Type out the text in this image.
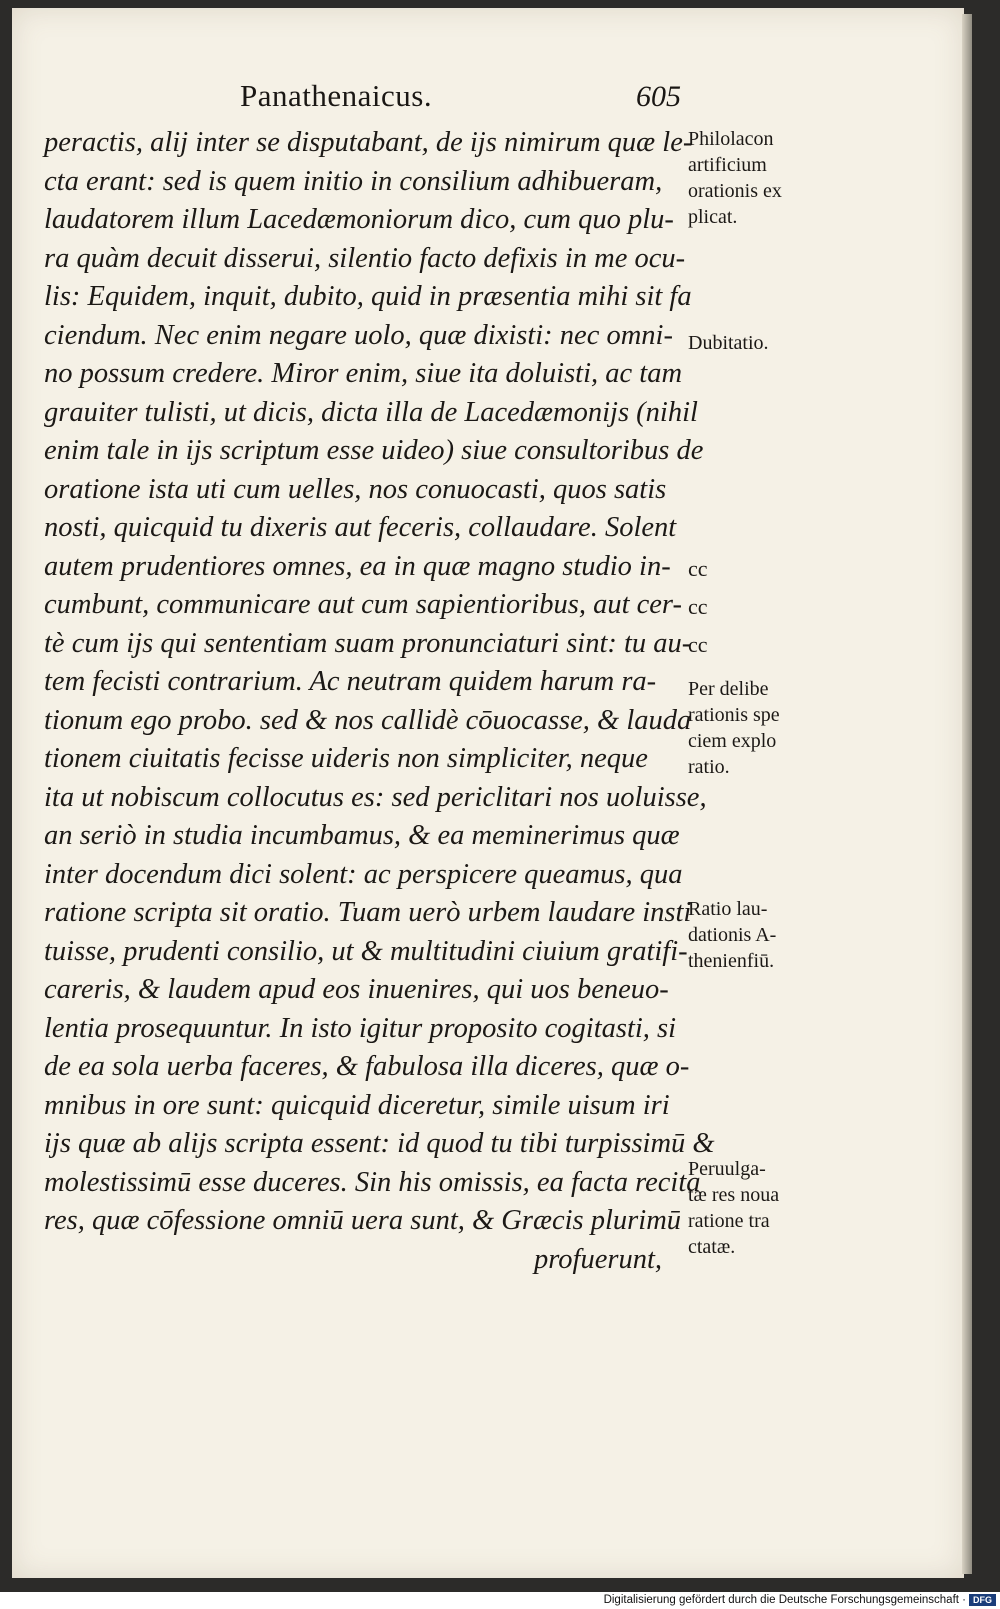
Panathenaicus.	605
peractis, alij inter se disputabant, de ijs nimirum quæ le-
cta erant: sed is quem initio in consilium adhibueram,
laudatorem illum Lacedæmoniorum dico, cum quo plu-
ra quàm decuit disserui, silentio facto defixis in me ocu-
lis: Equidem, inquit, dubito, quid in præsentia mihi sit fa
ciendum. Nec enim negare uolo, quæ dixisti: nec omni-
no possum credere. Miror enim, siue ita doluisti, ac tam
grauiter tulisti, ut dicis, dicta illa de Lacedæmonijs (nihil
enim tale in ijs scriptum esse uideo) siue consultoribus de
oratione ista uti cum uelles, nos conuocasti, quos satis
nosti, quicquid tu dixeris aut feceris, collaudare. Solent
autem prudentiores omnes, ea in quæ magno studio in-
cumbunt, communicare aut cum sapientioribus, aut cer-
tè cum ijs qui sententiam suam pronunciaturi sint: tu au-
tem fecisti contrarium. Ac neutram quidem harum ra-
tionum ego probo. sed & nos callidè cōuocasse, & lauda
tionem ciuitatis fecisse uideris non simpliciter, neque
ita ut nobiscum collocutus es: sed periclitari nos uoluisse,
an seriò in studia incumbamus, & ea meminerimus quæ
inter docendum dici solent: ac perspicere queamus, qua
ratione scripta sit oratio. Tuam uerò urbem laudare insti
tuisse, prudenti consilio, ut & multitudini ciuium gratifi-
careris, & laudem apud eos inuenires, qui uos beneuo-
lentia prosequuntur. In isto igitur proposito cogitasti, si
de ea sola uerba faceres, & fabulosa illa diceres, quæ o-
mnibus in ore sunt: quicquid diceretur, simile uisum iri
ijs quæ ab alijs scripta essent: id quod tu tibi turpissimū &
molestissimū esse duceres. Sin his omissis, ea facta recita
res, quæ cōfessione omniū uera sunt, & Græcis plurimū
profuerunt,
Philolacon
artificium
orationis ex
plicat.
Dubitatio.
Per delibe
rationis spe
ciem explo
ratio.
Ratio lau-
dationis A-
thenienfiū.
Peruulga-
tæ res noua
ratione tra
ctatæ.
cc
cc
cc
Digitalisierung gefördert durch die Deutsche Forschungsgemeinschaft · DFG
